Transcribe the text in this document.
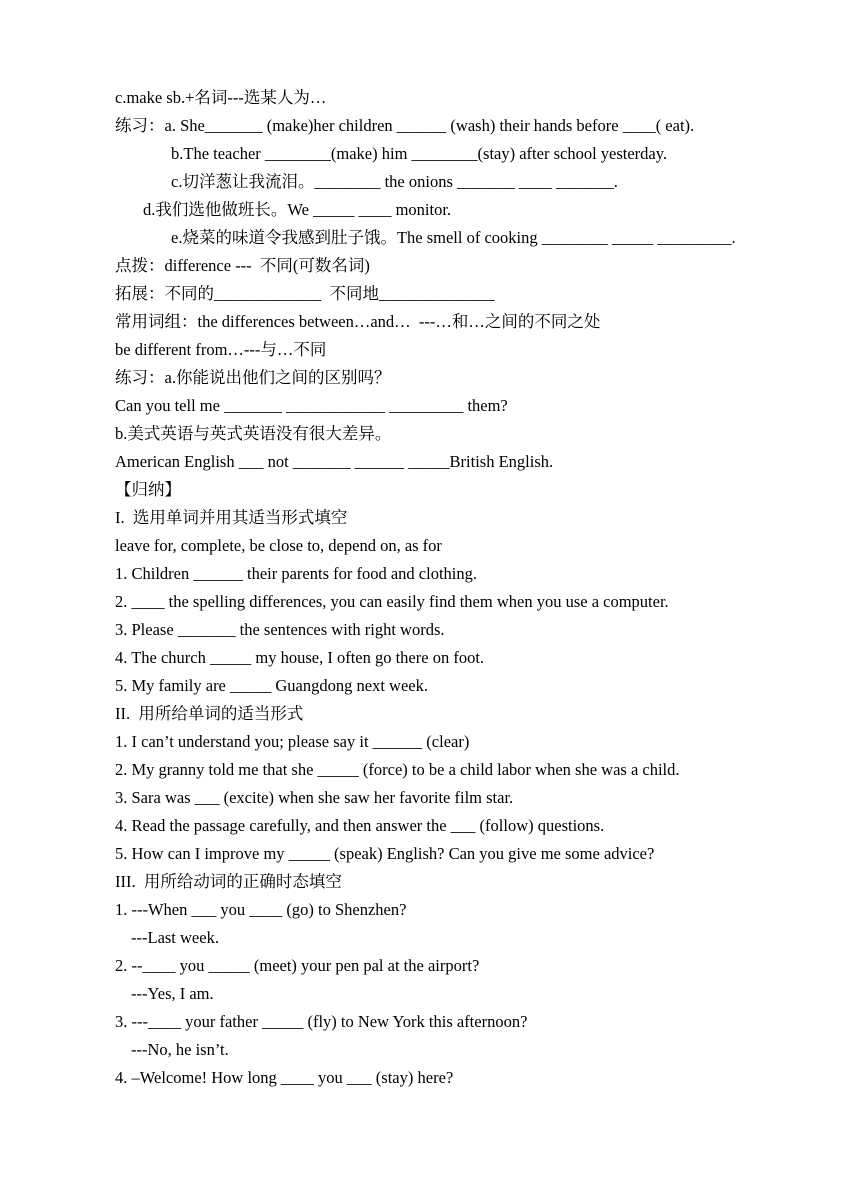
c.make sb.+名词---选某人为…
练习：a. She_______ (make)her children ______ (wash) their hands before ____( eat).
b.The teacher ________(make) him ________(stay) after school yesterday.
c.切洋葱让我流泪。________ the onions _______ ____ _______.
d.我们选他做班长。We _____ ____ monitor.
e.烧菜的味道令我感到肚子饿。The smell of cooking ________ _____ _________.
点拨：difference ---  不同(可数名词)
拓展：不同的_____________  不同地______________
常用词组：the differences between…and…  ---…和…之间的不同之处
be different from…---与…不同
练习：a.你能说出他们之间的区别吗？
Can you tell me _______ ____________ _________ them?
b.美式英语与英式英语没有很大差异。
American English ___ not _______ ______ _____British English.
【归纳】
I.  选用单词并用其适当形式填空
leave for, complete, be close to, depend on, as for
1. Children ______ their parents for food and clothing.
2. ____ the spelling differences, you can easily find them when you use a computer.
3. Please _______ the sentences with right words.
4. The church _____ my house, I often go there on foot.
5. My family are _____ Guangdong next week.
II.  用所给单词的适当形式
1. I can’t understand you; please say it ______ (clear)
2. My granny told me that she _____ (force) to be a child labor when she was a child.
3. Sara was ___ (excite) when she saw her favorite film star.
4. Read the passage carefully, and then answer the ___ (follow) questions.
5. How can I improve my _____ (speak) English? Can you give me some advice?
III.  用所给动词的正确时态填空
1. ---When ___ you ____ (go) to Shenzhen?
---Last week.
2. --____ you _____ (meet) your pen pal at the airport?
---Yes, I am.
3. ---____ your father _____ (fly) to New York this afternoon?
---No, he isn’t.
4. –Welcome! How long ____ you ___ (stay) here?
